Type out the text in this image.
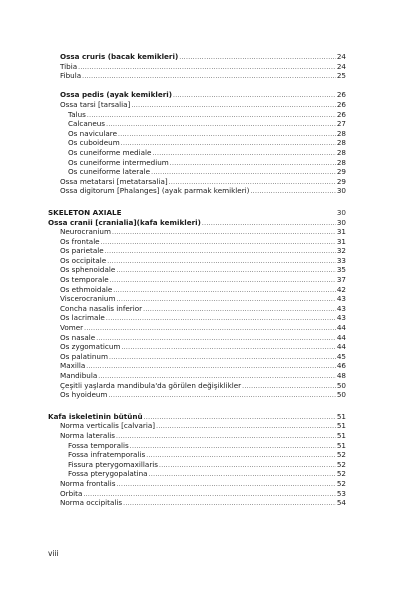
Ossa cruris (bacak kemikleri) .....	24
Tibia .....	24
Fibula .....	25
Ossa pedis (ayak kemikleri) .....	26
Ossa tarsi [tarsalia] .....	26
Talus .....	26
Calcaneus .....	27
Os naviculare .....	28
Os cuboideum .....	28
Os cuneiforme mediale .....	28
Os cuneiforme intermedium .....	28
Os cuneiforme laterale .....	29
Ossa metatarsi [metatarsalia] .....	29
Ossa digitorum [Phalanges] (ayak parmak kemikleri) .....	30
SKELETON AXIALE	30
Ossa cranii [cranialia](kafa kemikleri) .....	30
Neurocranium .....	31
Os frontale .....	31
Os parietale .....	32
Os occipitale .....	33
Os sphenoidale .....	35
Os temporale .....	37
Os ethmoidale .....	42
Viscerocranium .....	43
Concha nasalis inferior .....	43
Os lacrimale .....	43
Vomer .....	44
Os nasale .....	44
Os zygomaticum .....	44
Os palatinum .....	45
Maxilla .....	46
Mandibula .....	48
Çeşitli yaşlarda mandibula'da görülen değişiklikler .....	50
Os hyoideum .....	50
Kafa iskeletinin bütünü .....	51
Norma verticalis [calvaria] .....	51
Norma lateralis .....	51
Fossa temporalis .....	51
Fossa infratemporalis .....	52
Fissura pterygomaxillaris .....	52
Fossa pterygopalatina .....	52
Norma frontalis .....	52
Orbita .....	53
Norma occipitalis .....	54
viii
